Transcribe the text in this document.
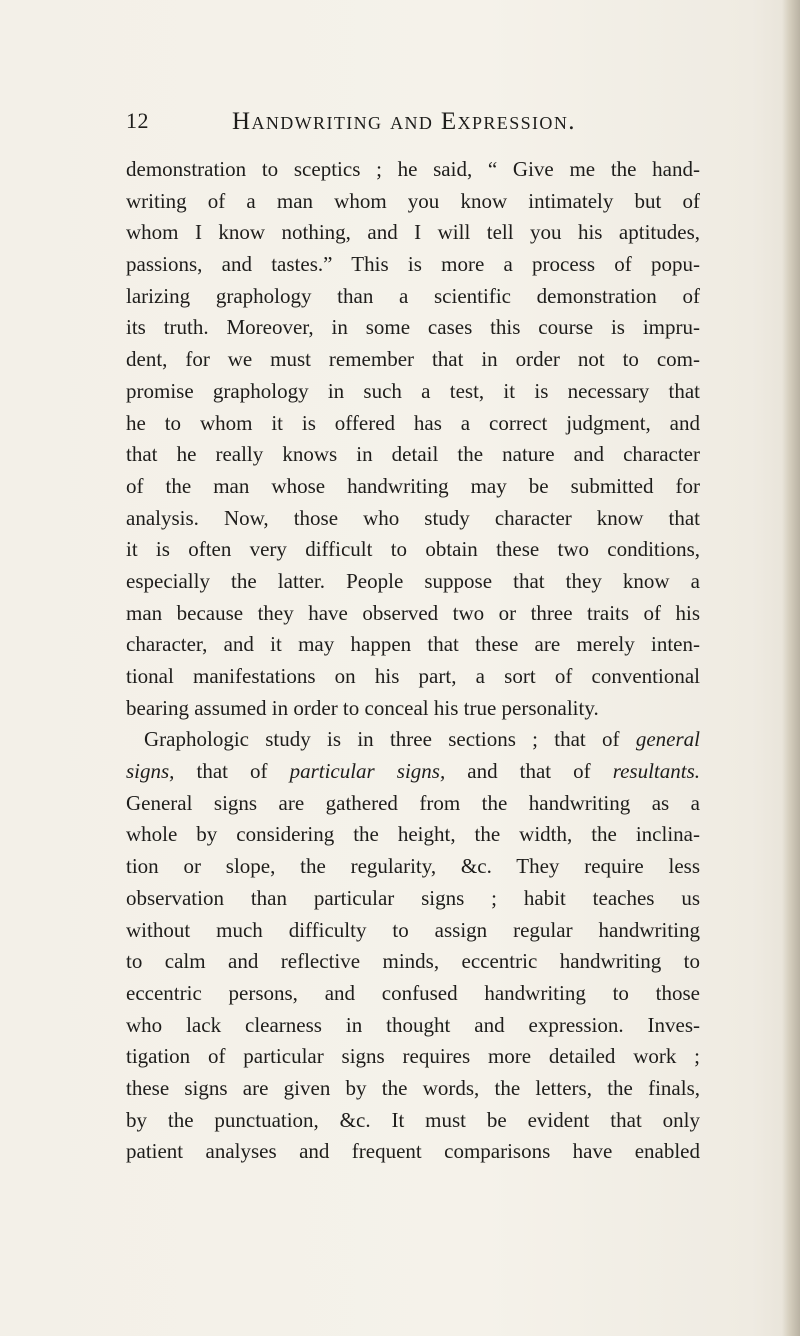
12	Handwriting and Expression.
demonstration to sceptics ; he said, “ Give me the hand-
writing of a man whom you know intimately but of
whom I know nothing, and I will tell you his aptitudes,
passions, and tastes.” This is more a process of popu-
larizing graphology than a scientific demonstration of
its truth. Moreover, in some cases this course is impru-
dent, for we must remember that in order not to com-
promise graphology in such a test, it is necessary that
he to whom it is offered has a correct judgment, and
that he really knows in detail the nature and character
of the man whose handwriting may be submitted for
analysis. Now, those who study character know that
it is often very difficult to obtain these two conditions,
especially the latter. People suppose that they know a
man because they have observed two or three traits of his
character, and it may happen that these are merely inten-
tional manifestations on his part, a sort of conventional
bearing assumed in order to conceal his true personality.
Graphologic study is in three sections ; that of general
signs, that of particular signs, and that of resultants.
General signs are gathered from the handwriting as a
whole by considering the height, the width, the inclina-
tion or slope, the regularity, &c. They require less
observation than particular signs ; habit teaches us
without much difficulty to assign regular handwriting
to calm and reflective minds, eccentric handwriting to
eccentric persons, and confused handwriting to those
who lack clearness in thought and expression. Inves-
tigation of particular signs requires more detailed work ;
these signs are given by the words, the letters, the finals,
by the punctuation, &c. It must be evident that only
patient analyses and frequent comparisons have enabled
